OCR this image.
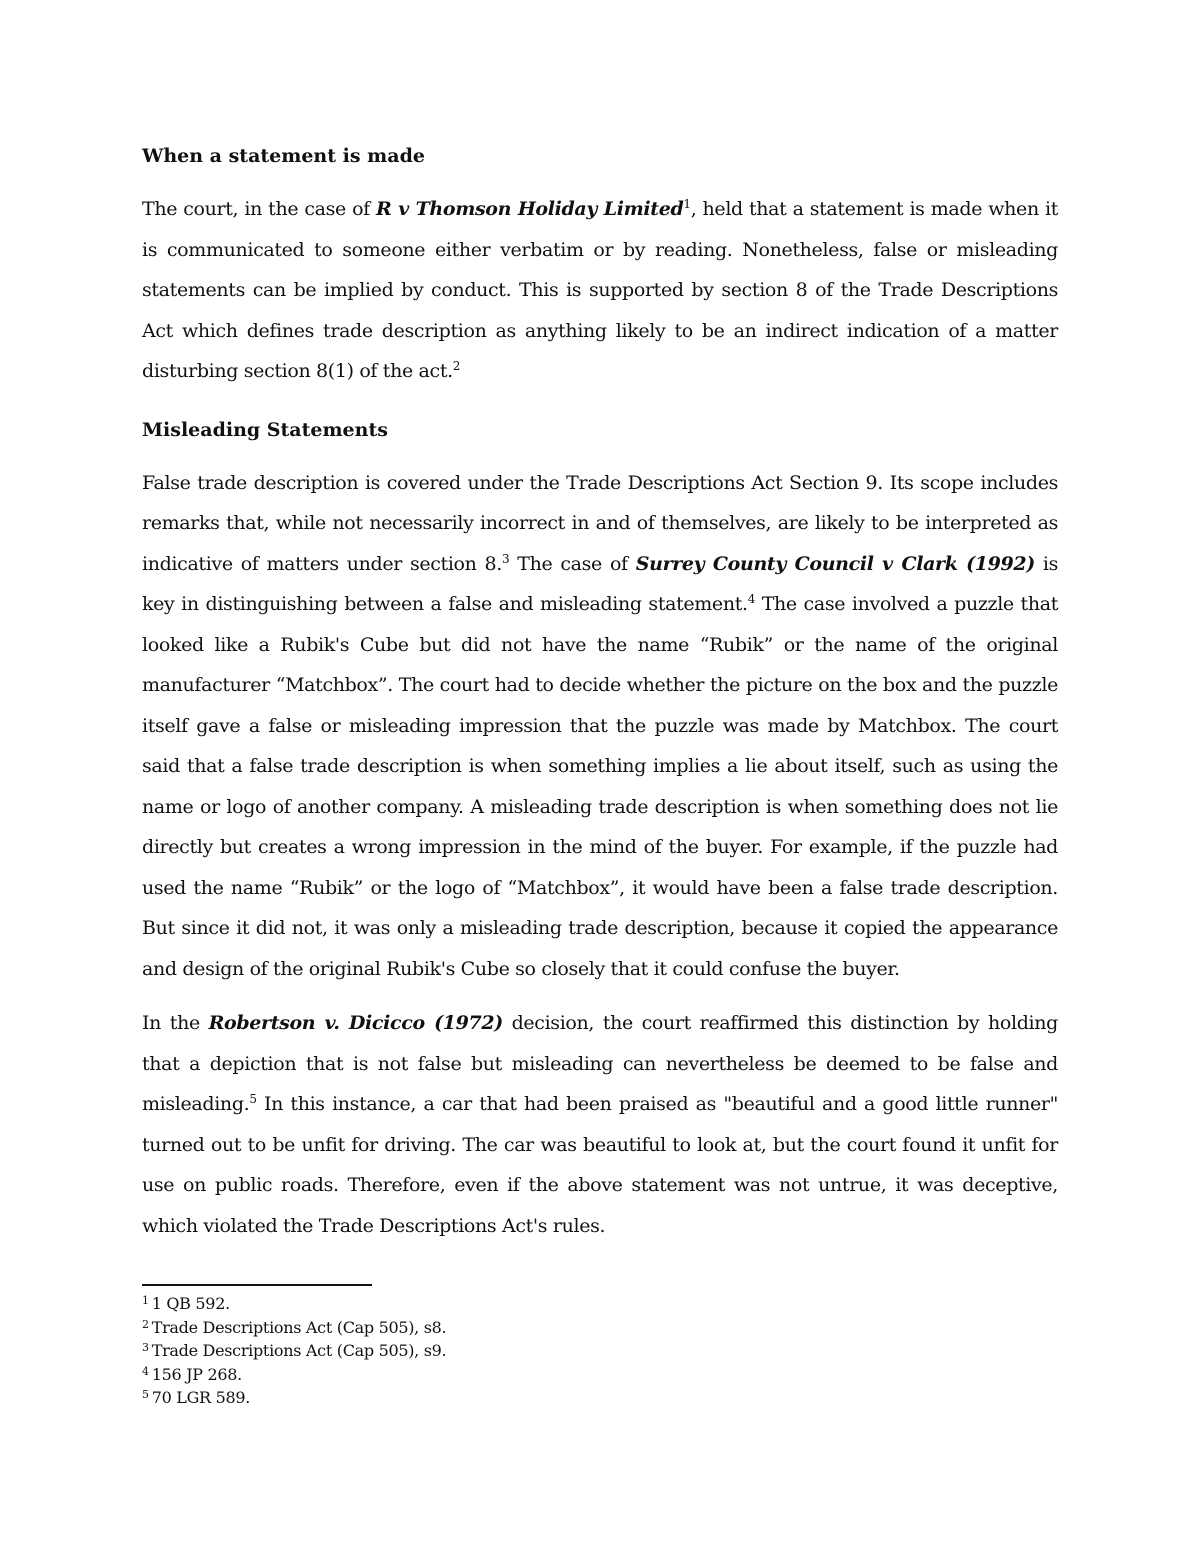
When a statement is made

The court, in the case of R v Thomson Holiday Limited$^1$, held that a statement is made when it is communicated to someone either verbatim or by reading. Nonetheless, false or misleading statements can be implied by conduct. This is supported by section 8 of the Trade Descriptions Act which defines trade description as anything likely to be an indirect indication of a matter disturbing section 8(1) of the act.$^2$

Misleading Statements

False trade description is covered under the Trade Descriptions Act Section 9. Its scope includes remarks that, while not necessarily incorrect in and of themselves, are likely to be interpreted as indicative of matters under section 8.$^3$ The case of Surrey County Council v Clark (1992) is key in distinguishing between a false and misleading statement.$^4$ The case involved a puzzle that looked like a Rubik's Cube but did not have the name “Rubik” or the name of the original manufacturer “Matchbox”. The court had to decide whether the picture on the box and the puzzle itself gave a false or misleading impression that the puzzle was made by Matchbox. The court said that a false trade description is when something implies a lie about itself, such as using the name or logo of another company. A misleading trade description is when something does not lie directly but creates a wrong impression in the mind of the buyer. For example, if the puzzle had used the name “Rubik” or the logo of “Matchbox”, it would have been a false trade description. But since it did not, it was only a misleading trade description, because it copied the appearance and design of the original Rubik's Cube so closely that it could confuse the buyer.

In the Robertson v. Dicicco (1972) decision, the court reaffirmed this distinction by holding that a depiction that is not false but misleading can nevertheless be deemed to be false and misleading.$^5$ In this instance, a car that had been praised as "beautiful and a good little runner" turned out to be unfit for driving. The car was beautiful to look at, but the court found it unfit for use on public roads. Therefore, even if the above statement was not untrue, it was deceptive, which violated the Trade Descriptions Act's rules.

$^1$ 1 QB 592.
$^2$ Trade Descriptions Act (Cap 505), s8.
$^3$ Trade Descriptions Act (Cap 505), s9.
$^4$ 156 JP 268.
$^5$ 70 LGR 589.
